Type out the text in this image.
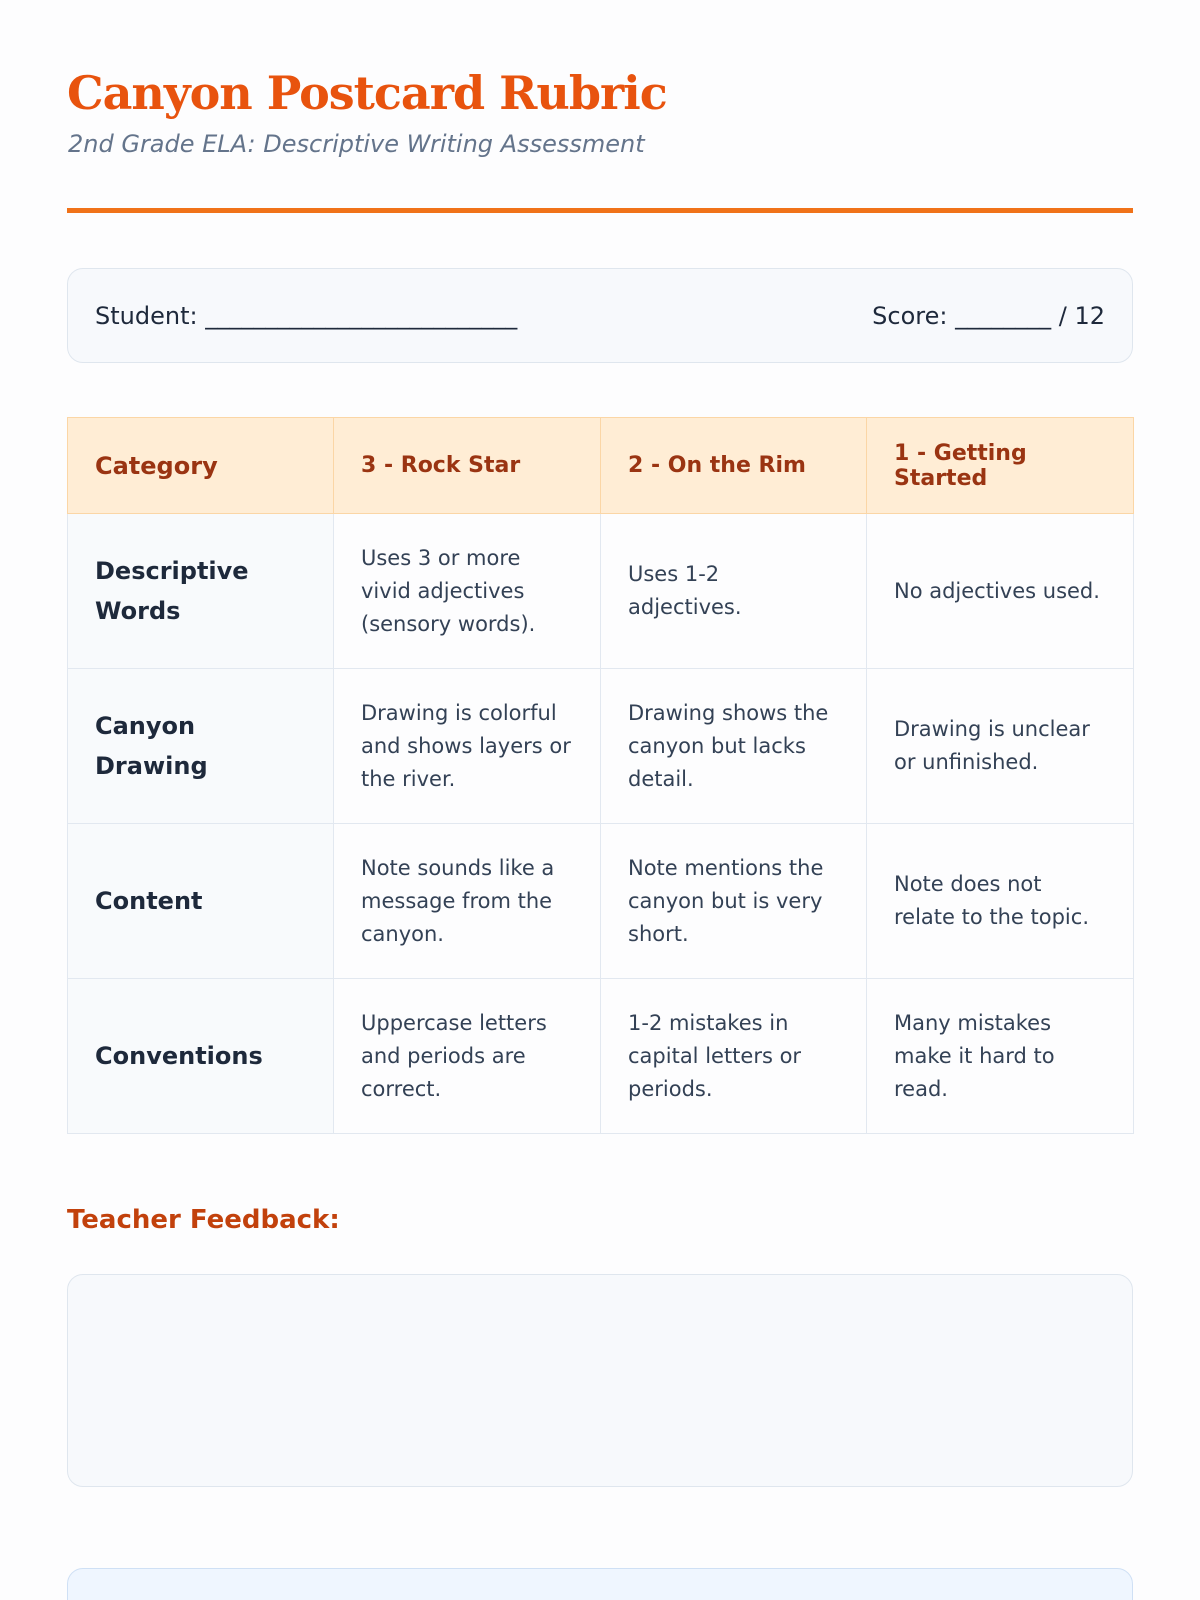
Canyon Postcard Rubric
2nd Grade ELA: Descriptive Writing Assessment
Student: __________________________	Score: ________ / 12
Category	3 - Rock Star	2 - On the Rim	1 - Getting Started
Descriptive Words	Uses 3 or more vivid adjectives (sensory words).	Uses 1-2 adjectives.	No adjectives used.
Canyon Drawing	Drawing is colorful and shows layers or the river.	Drawing shows the canyon but lacks detail.	Drawing is unclear or unfinished.
Content	Note sounds like a message from the canyon.	Note mentions the canyon but is very short.	Note does not relate to the topic.
Conventions	Uppercase letters and periods are correct.	1-2 mistakes in capital letters or periods.	Many mistakes make it hard to read.
Teacher Feedback:
